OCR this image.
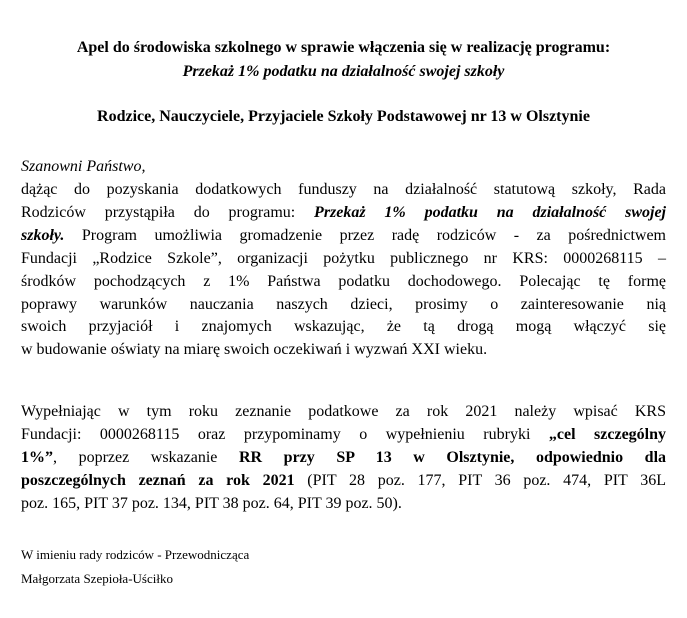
Apel do środowiska szkolnego w sprawie włączenia się w realizację programu:
Przekaż 1% podatku na działalność swojej szkoły
Rodzice, Nauczyciele, Przyjaciele Szkoły Podstawowej nr 13 w Olsztynie
Szanowni Państwo,
dążąc do pozyskania dodatkowych funduszy na działalność statutową szkoły, Rada
Rodziców przystąpiła do programu: Przekaż 1% podatku na działalność swojej
szkoły. Program umożliwia gromadzenie przez radę rodziców - za pośrednictwem
Fundacji „Rodzice Szkole”, organizacji pożytku publicznego nr KRS: 0000268115 –
środków pochodzących z 1% Państwa podatku dochodowego. Polecając tę formę
poprawy warunków nauczania naszych dzieci, prosimy o zainteresowanie nią
swoich przyjaciół i znajomych wskazując, że tą drogą mogą włączyć się
w budowanie oświaty na miarę swoich oczekiwań i wyzwań XXI wieku.
Wypełniając w tym roku zeznanie podatkowe za rok 2021 należy wpisać KRS
Fundacji: 0000268115 oraz przypominamy o wypełnieniu rubryki „cel szczególny
1%”, poprzez wskazanie RR przy SP 13 w Olsztynie, odpowiednio dla
poszczególnych zeznań za rok 2021 (PIT 28 poz. 177, PIT 36 poz. 474, PIT 36L
poz. 165, PIT 37 poz. 134, PIT 38 poz. 64, PIT 39 poz. 50).
W imieniu rady rodziców - Przewodnicząca
Małgorzata Szepioła-Uściłko
